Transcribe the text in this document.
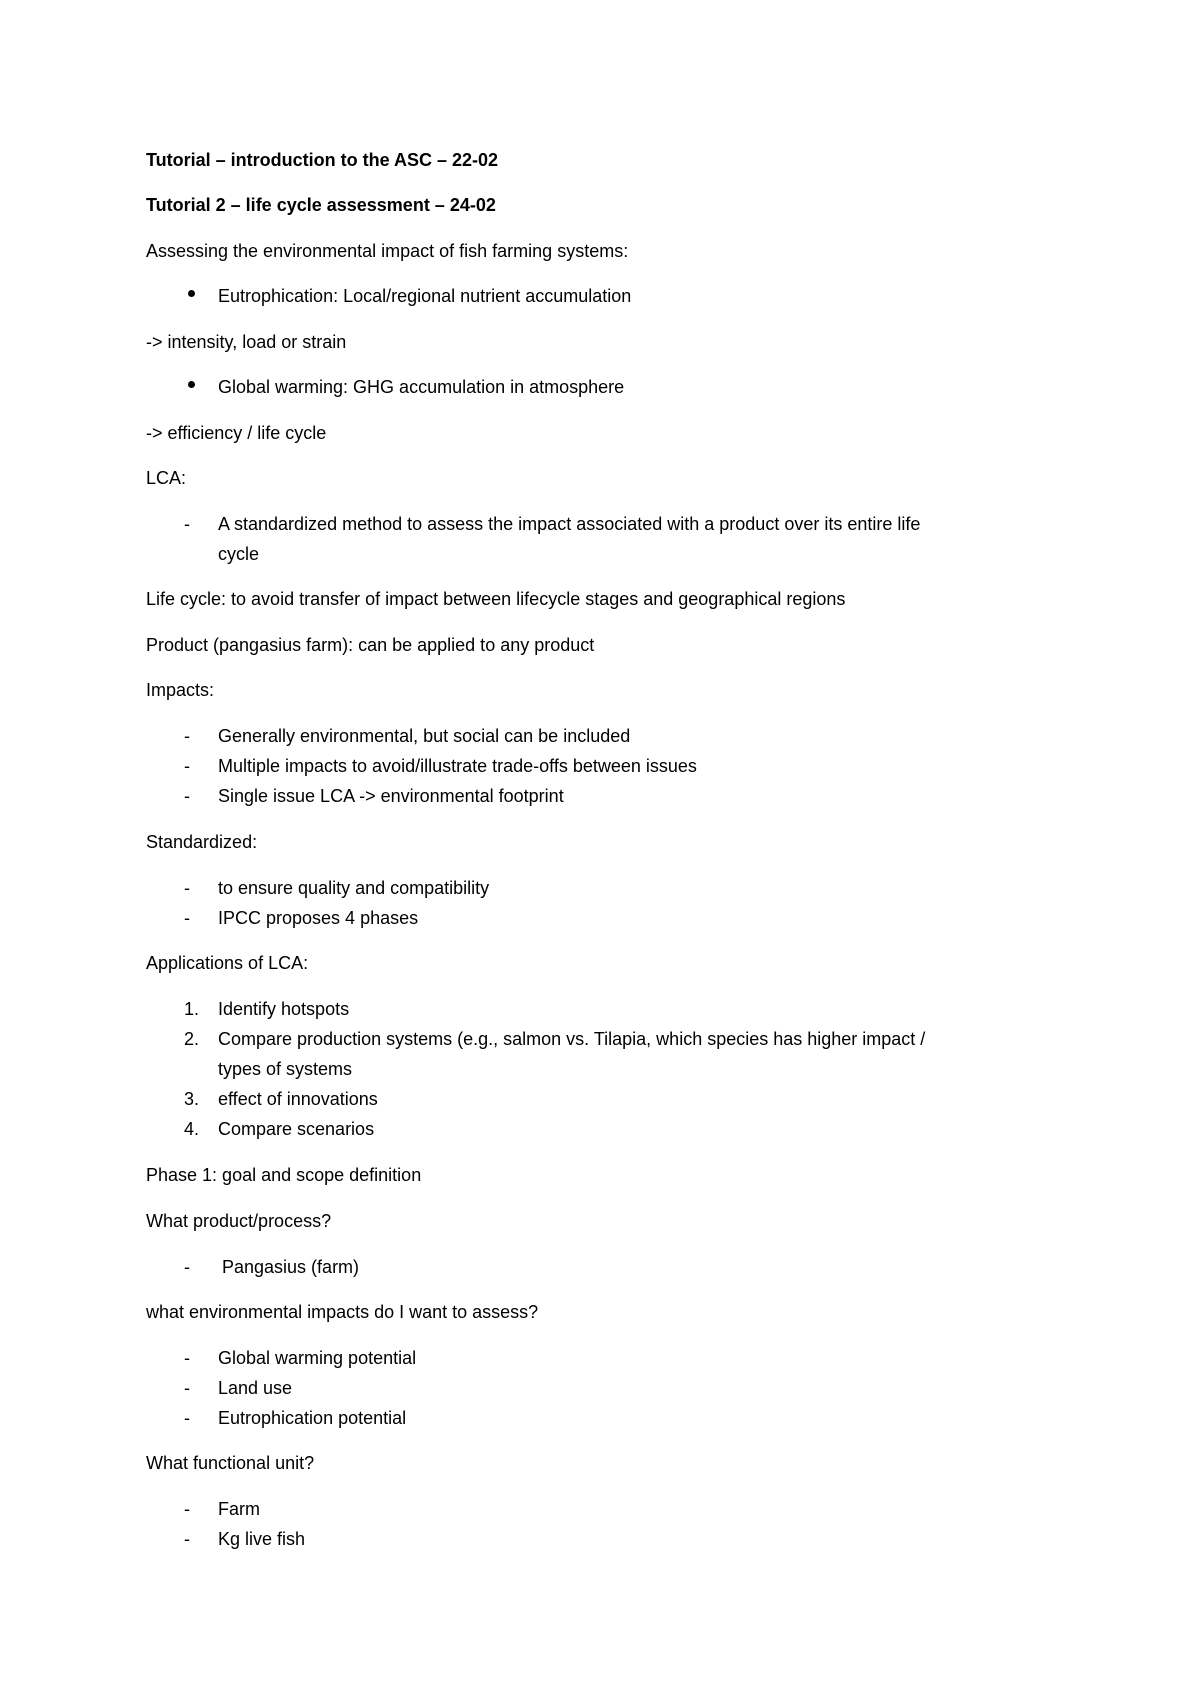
Tutorial – introduction to the ASC – 22-02
Tutorial 2 – life cycle assessment – 24-02
Assessing the environmental impact of fish farming systems:
Eutrophication: Local/regional nutrient accumulation
-> intensity, load or strain
Global warming: GHG accumulation in atmosphere
-> efficiency / life cycle
LCA:
- A standardized method to assess the impact associated with a product over its entire life
cycle
Life cycle: to avoid transfer of impact between lifecycle stages and geographical regions
Product (pangasius farm): can be applied to any product
Impacts:
- Generally environmental, but social can be included
- Multiple impacts to avoid/illustrate trade-offs between issues
- Single issue LCA -> environmental footprint
Standardized:
- to ensure quality and compatibility
- IPCC proposes 4 phases
Applications of LCA:
1. Identify hotspots
2. Compare production systems (e.g., salmon vs. Tilapia, which species has higher impact /
types of systems
3. effect of innovations
4. Compare scenarios
Phase 1: goal and scope definition
What product/process?
- Pangasius (farm)
what environmental impacts do I want to assess?
- Global warming potential
- Land use
- Eutrophication potential
What functional unit?
- Farm
- Kg live fish
